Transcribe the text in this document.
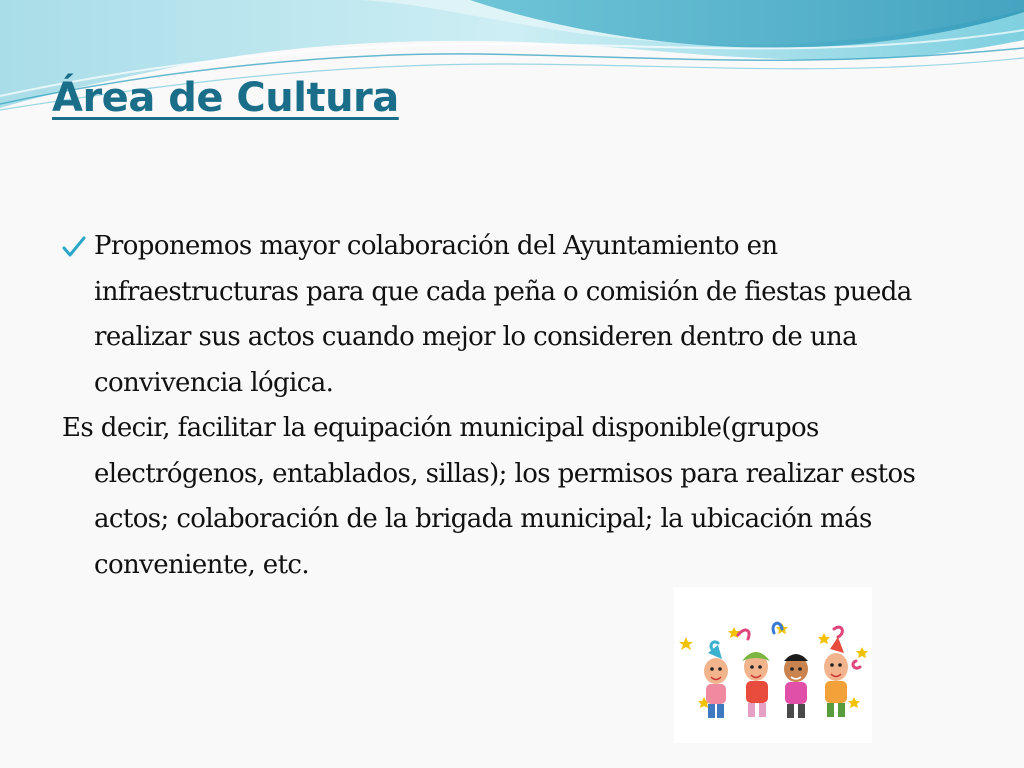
Área de Cultura

Proponemos mayor colaboración del Ayuntamiento en infraestructuras para que cada peña o comisión de fiestas pueda realizar sus actos cuando mejor lo consideren dentro de una convivencia lógica.

Es decir, facilitar la equipación municipal disponible(grupos electrógenos, entablados, sillas); los permisos para realizar estos actos; colaboración de la brigada municipal; la ubicación más conveniente, etc.
